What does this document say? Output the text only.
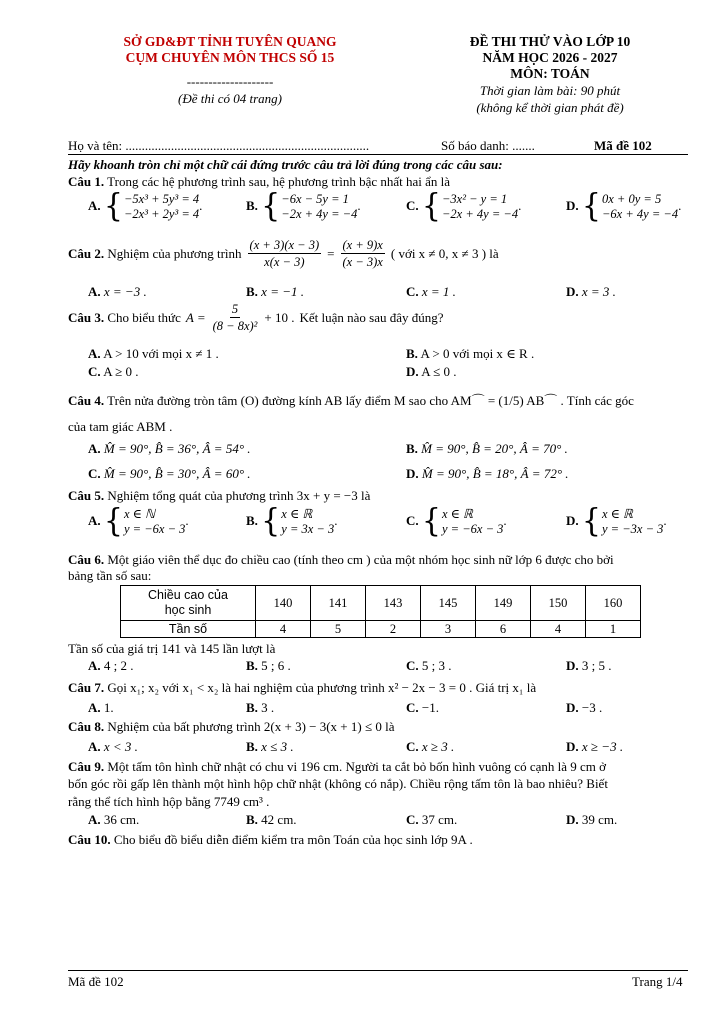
SỞ GD&ĐT TỈNH TUYÊN QUANG
CỤM CHUYÊN MÔN THCS SỐ 15
--------------------
(Đề thi có 04 trang)
ĐỀ THI THỬ VÀO LỚP 10
NĂM HỌC 2026 - 2027
MÔN: TOÁN
Thời gian làm bài: 90 phút
(không kể thời gian phát đề)
Họ và tên: ...........................................................................	Số báo danh: .......	Mã đề 102
Hãy khoanh tròn chỉ một chữ cái đứng trước câu trả lời đúng trong các câu sau:
Câu 1. Trong các hệ phương trình sau, hệ phương trình bậc nhất hai ẩn là
A. { −5x³ + 5y³ = 4
−2x³ + 2y³ = 4
.	B. { −6x − 5y = 1
−2x + 4y = −4
.	C. { −3x² − y = 1
−2x + 4y = −4
.	D. { 0x + 0y = 5
−6x + 4y = −4
.
Câu 2. Nghiệm của phương trình $\frac{(x + 3)(x - 3)}{x(x - 3)} = \frac{(x + 9)x}{(x - 3)x}$ ( với x ≠ 0, x ≠ 3 ) là
A. x = −3 .	B. x = −1 .	C. x = 1 .	D. x = 3 .
Câu 3. Cho biểu thức $A = \frac{5}{\text{(8 − 8x)²}} + 10$ . Kết luận nào sau đây đúng?
A. A > 10 với mọi x ≠ 1 .	B. A > 0 với mọi x ∈ R .
C. A ≥ 0 .	D. A ≤ 0 .
Câu 4. Trên nửa đường tròn tâm (O) đường kính AB lấy điểm M sao cho AM⌒ = (1/5) AB⌒ . Tính các góc
của tam giác ABM .
A. M̂ = 90°, B̂ = 36°, Â = 54° .	B. M̂ = 90°, B̂ = 20°, Â = 70° .
C. M̂ = 90°, B̂ = 30°, Â = 60° .	D. M̂ = 90°, B̂ = 18°, Â = 72° .
Câu 5. Nghiệm tổng quát của phương trình 3x + y = −3 là
A. { x ∈ ℕ
y = −6x − 3
.	B. { x ∈ ℝ
y = 3x − 3
.	C. { x ∈ ℝ
y = −6x − 3
.	D. { x ∈ ℝ
y = −3x − 3
.
Câu 6. Một giáo viên thể dục đo chiều cao (tính theo cm ) của một nhóm học sinh nữ lớp 6 được cho bởi
bảng tần số sau:
Chiều cao của
học sinh	140	141	143	145	149	150	160
Tần số	4	5	2	3	6	4	1
Tần số của giá trị 141 và 145 lần lượt là
A. 4 ; 2 .	B. 5 ; 6 .	C. 5 ; 3 .	D. 3 ; 5 .
Câu 7. Gọi x₁; x₂ với x₁ < x₂ là hai nghiệm của phương trình x² − 2x − 3 = 0 . Giá trị x₁ là
A. 1.	B. 3 .	C. −1.	D. −3 .
Câu 8. Nghiệm của bất phương trình 2(x + 3) − 3(x + 1) ≤ 0 là
A. x < 3 .	B. x ≤ 3 .	C. x ≥ 3 .	D. x ≥ −3 .
Câu 9. Một tấm tôn hình chữ nhật có chu vi 196 cm. Người ta cắt bỏ bốn hình vuông có cạnh là 9 cm ở
bốn góc rồi gấp lên thành một hình hộp chữ nhật (không có nắp). Chiều rộng tấm tôn là bao nhiêu? Biết
rằng thể tích hình hộp bằng 7749 cm³ .
A. 36 cm.	B. 42 cm.	C. 37 cm.	D. 39 cm.
Câu 10. Cho biểu đồ biểu diễn điểm kiểm tra môn Toán của học sinh lớp 9A .
Mã đề 102	Trang 1/4
